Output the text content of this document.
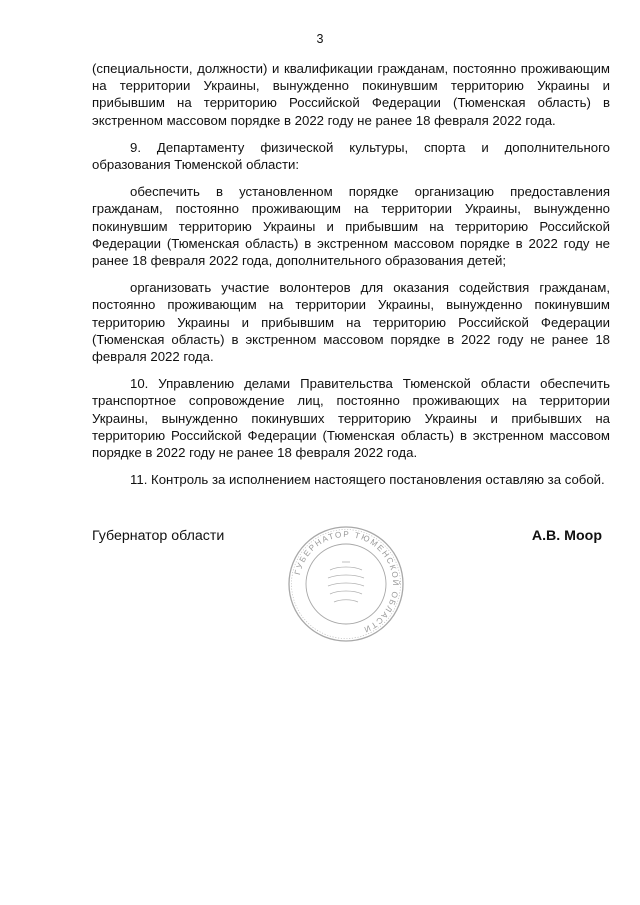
3

(специальности, должности) и квалификации гражданам, постоянно проживающим на территории Украины, вынужденно покинувшим территорию Украины и прибывшим на территорию Российской Федерации (Тюменская область) в экстренном массовом порядке в 2022 году не ранее 18 февраля 2022 года.

9. Департаменту физической культуры, спорта и дополнительного образования Тюменской области:

обеспечить в установленном порядке организацию предоставления гражданам, постоянно проживающим на территории Украины, вынужденно покинувшим территорию Украины и прибывшим на территорию Российской Федерации (Тюменская область) в экстренном массовом порядке в 2022 году не ранее 18 февраля 2022 года, дополнительного образования детей;

организовать участие волонтеров для оказания содействия гражданам, постоянно проживающим на территории Украины, вынужденно покинувшим территорию Украины и прибывшим на территорию Российской Федерации (Тюменская область) в экстренном массовом порядке в 2022 году не ранее 18 февраля 2022 года.

10. Управлению делами Правительства Тюменской области обеспечить транспортное сопровождение лиц, постоянно проживающих на территории Украины, вынужденно покинувших территорию Украины и прибывших на территорию Российской Федерации (Тюменская область) в экстренном массовом порядке в 2022 году не ранее 18 февраля 2022 года.

11. Контроль за исполнением настоящего постановления оставляю за собой.

Губернатор области	А.В. Моор
ГУБЕРНАТОР ТЮМЕНСКОЙ ОБЛАСТИ
